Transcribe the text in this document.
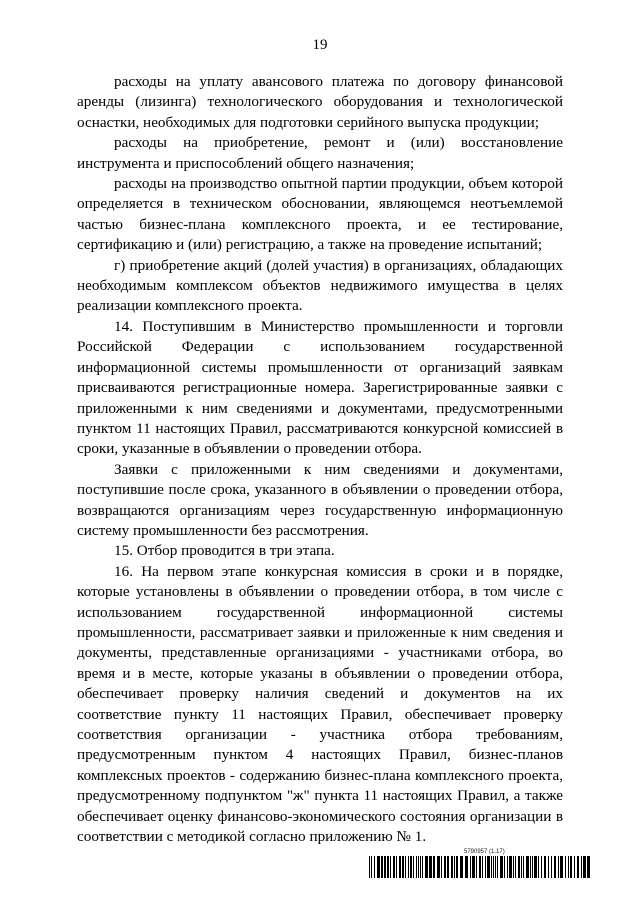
19

расходы на уплату авансового платежа по договору финансовой аренды (лизинга) технологического оборудования и технологической оснастки, необходимых для подготовки серийного выпуска продукции;

расходы на приобретение, ремонт и (или) восстановление инструмента и приспособлений общего назначения;

расходы на производство опытной партии продукции, объем которой определяется в техническом обосновании, являющемся неотъемлемой частью бизнес-плана комплексного проекта, и ее тестирование, сертификацию и (или) регистрацию, а также на проведение испытаний;

г) приобретение акций (долей участия) в организациях, обладающих необходимым комплексом объектов недвижимого имущества в целях реализации комплексного проекта.

14. Поступившим в Министерство промышленности и торговли Российской Федерации с использованием государственной информационной системы промышленности от организаций заявкам присваиваются регистрационные номера. Зарегистрированные заявки с приложенными к ним сведениями и документами, предусмотренными пунктом 11 настоящих Правил, рассматриваются конкурсной комиссией в сроки, указанные в объявлении о проведении отбора.

Заявки с приложенными к ним сведениями и документами, поступившие после срока, указанного в объявлении о проведении отбора, возвращаются организациям через государственную информационную систему промышленности без рассмотрения.

15. Отбор проводится в три этапа.

16. На первом этапе конкурсная комиссия в сроки и в порядке, которые установлены в объявлении о проведении отбора, в том числе с использованием государственной информационной системы промышленности, рассматривает заявки и приложенные к ним сведения и документы, представленные организациями - участниками отбора, во время и в месте, которые указаны в объявлении о проведении отбора, обеспечивает проверку наличия сведений и документов на их соответствие пункту 11 настоящих Правил, обеспечивает проверку соответствия организации - участника отбора требованиям, предусмотренным пунктом 4 настоящих Правил, бизнес-планов комплексных проектов - содержанию бизнес-плана комплексного проекта, предусмотренному подпунктом "ж" пункта 11 настоящих Правил, а также обеспечивает оценку финансово-экономического состояния организации в соответствии с методикой согласно приложению № 1.

5790957 (1.17)
